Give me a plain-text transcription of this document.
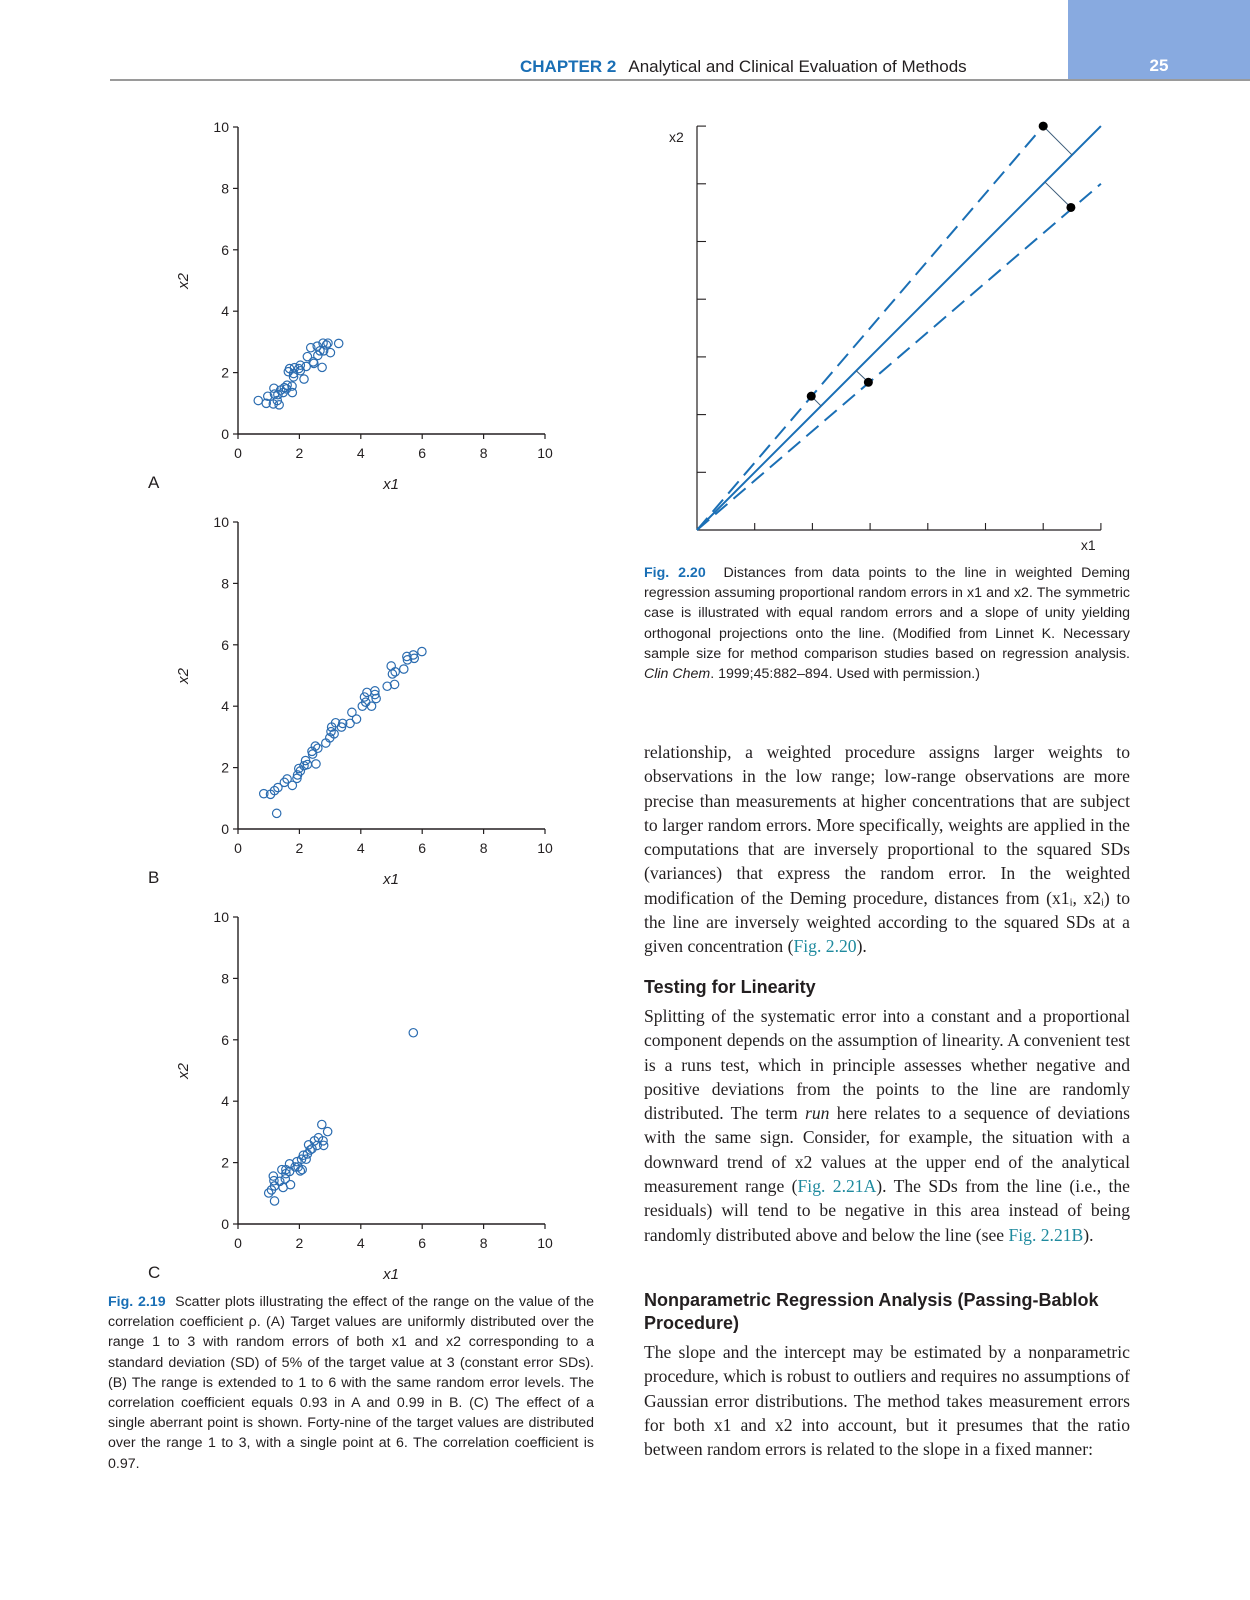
25
CHAPTER 2 Analytical and Clinical Evaluation of Methods
0	2	4	6	8	10
0
2
4
6
8
10
x1
x2
A
0	2	4	6	8	10
0
2
4
6
8
10
x1
x2
B
0	2	4	6	8	10
0
2
4
6
8
10
x1
x2
C
Fig. 2.19 Scatter plots illustrating the effect of the range on the value of the correlation coefficient ρ. (A) Target values are uniformly distributed over the range 1 to 3 with random errors of both x1 and x2 corresponding to a standard deviation (SD) of 5% of the target value at 3 (constant error SDs). (B) The range is extended to 1 to 6 with the same random error levels. The correlation coefficient equals 0.93 in A and 0.99 in B. (C) The effect of a single aberrant point is shown. Forty-nine of the target values are distributed over the range 1 to 3, with a single point at 6. The correlation coefficient is 0.97.
x1
x2
Fig. 2.20 Distances from data points to the line in weighted Deming regression assuming proportional random errors in x1 and x2. The symmetric case is illustrated with equal random errors and a slope of unity yielding orthogonal projections onto the line. (Modified from Linnet K. Necessary sample size for method comparison studies based on regression analysis. Clin Chem. 1999;45:882–894. Used with permission.)

relationship, a weighted procedure assigns larger weights to observations in the low range; low-range observations are more precise than measurements at higher concentrations that are subject to larger random errors. More specifically, weights are applied in the computations that are inversely proportional to the squared SDs (variances) that express the random error. In the weighted modification of the Deming procedure, distances from (x1ᵢ, x2ᵢ) to the line are inversely weighted according to the squared SDs at a given concentration (Fig. 2.20).

Testing for Linearity

Splitting of the systematic error into a constant and a proportional component depends on the assumption of linearity. A convenient test is a runs test, which in principle assesses whether negative and positive deviations from the points to the line are randomly distributed. The term run here relates to a sequence of deviations with the same sign. Consider, for example, the situation with a downward trend of x2 values at the upper end of the analytical measurement range (Fig. 2.21A). The SDs from the line (i.e., the residuals) will tend to be negative in this area instead of being randomly distributed above and below the line (see Fig. 2.21B).

Nonparametric Regression Analysis (Passing-Bablok Procedure)

The slope and the intercept may be estimated by a nonparametric procedure, which is robust to outliers and requires no assumptions of Gaussian error distributions. The method takes measurement errors for both x1 and x2 into account, but it presumes that the ratio between random errors is related to the slope in a fixed manner:
